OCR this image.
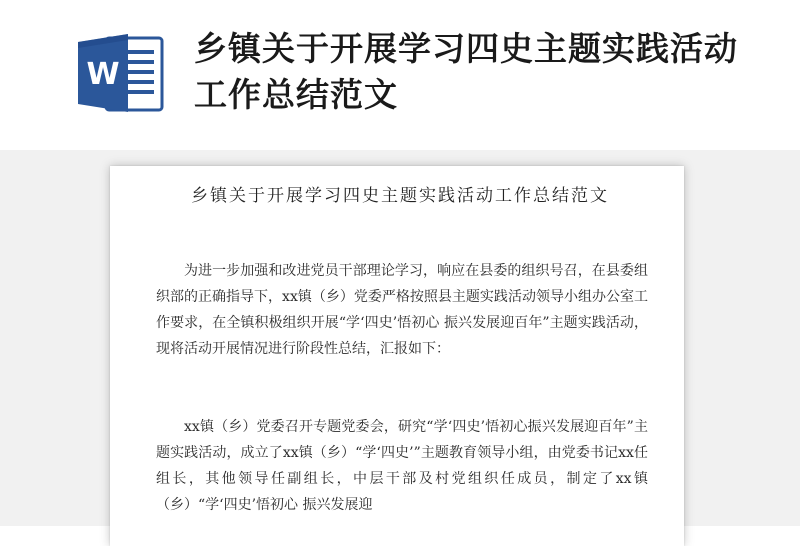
W
乡镇关于开展学习四史主题实践活动工作总结范文
乡镇关于开展学习四史主题实践活动工作总结范文

为进一步加强和改进党员干部理论学习，响应在县委的组织号召，在县委组织部的正确指导下，xx镇（乡）党委严格按照县主题实践活动领导小组办公室工作要求，在全镇积极组织开展“学‘四史’悟初心 振兴发展迎百年”主题实践活动，现将活动开展情况进行阶段性总结，汇报如下：

xx镇（乡）党委召开专题党委会，研究“学‘四史’悟初心振兴发展迎百年”主题实践活动，成立了xx镇（乡）“学‘四史’”主题教育领导小组，由党委书记xx任组长，其他领导任副组长，中层干部及村党组织任成员，制定了xx镇（乡）“学‘四史’悟初心 振兴发展迎
